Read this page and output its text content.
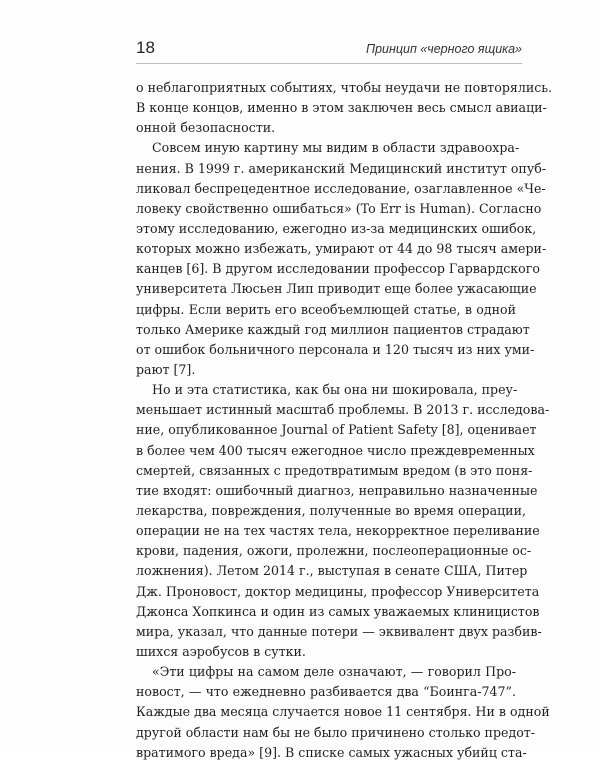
18	Принцип «черного ящика»
о неблагоприятных событиях, чтобы неудачи не повторялись.
В конце концов, именно в этом заключен весь смысл авиаци-
онной безопасности.
Совсем иную картину мы видим в области здравоохра-
нения. В 1999 г. американский Медицинский институт опуб-
ликовал беспрецедентное исследование, озаглавленное «Че-
ловеку свойственно ошибаться» (To Err is Human). Согласно
этому исследованию, ежегодно из-за медицинских ошибок,
которых можно избежать, умирают от 44 до 98 тысяч амери-
канцев [6]. В другом исследовании профессор Гарвардского
университета Люсьен Лип приводит еще более ужасающие
цифры. Если верить его всеобъемлющей статье, в одной
только Америке каждый год миллион пациентов страдают
от ошибок больничного персонала и 120 тысяч из них уми-
рают [7].
Но и эта статистика, как бы она ни шокировала, преу-
меньшает истинный масштаб проблемы. В 2013 г. исследова-
ние, опубликованное Journal of Patient Safety [8], оценивает
в более чем 400 тысяч ежегодное число преждевременных
смертей, связанных с предотвратимым вредом (в это поня-
тие входят: ошибочный диагноз, неправильно назначенные
лекарства, повреждения, полученные во время операции,
операции не на тех частях тела, некорректное переливание
крови, падения, ожоги, пролежни, послеоперационные ос-
ложнения). Летом 2014 г., выступая в сенате США, Питер
Дж. Проновост, доктор медицины, профессор Университета
Джонса Хопкинса и один из самых уважаемых клиницистов
мира, указал, что данные потери — эквивалент двух разбив-
шихся аэробусов в сутки.
«Эти цифры на самом деле означают, — говорил Про-
новост, — что ежедневно разбивается два “Боинга-747”.
Каждые два месяца случается новое 11 сентября. Ни в одной
другой области нам бы не было причинено столько предот-
вратимого вреда» [9]. В списке самых ужасных убийц ста-
